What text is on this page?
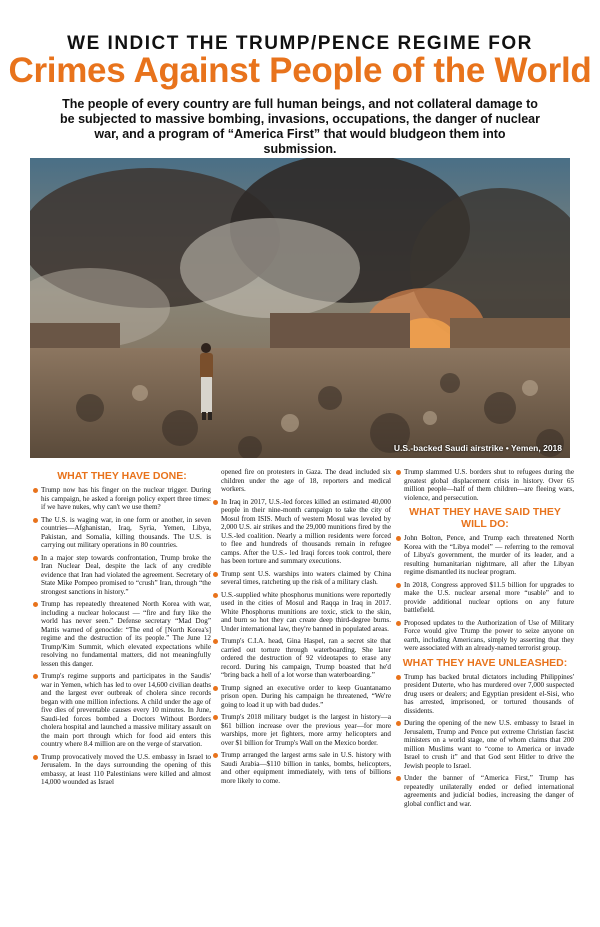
WE INDICT THE TRUMP/PENCE REGIME FOR
Crimes Against People of the World
The people of every country are full human beings, and not collateral damage to be subjected to massive bombing, invasions, occupations, the danger of nuclear war, and a program of “America First” that would bludgeon them into submission.
U.S.-backed Saudi airstrike • Yemen, 2018
WHAT THEY HAVE DONE:
Trump now has his finger on the nuclear trigger. During his campaign, he asked a foreign policy expert three times: if we have nukes, why can't we use them?
The U.S. is waging war, in one form or another, in seven countries—Afghanistan, Iraq, Syria, Yemen, Libya, Pakistan, and Somalia, killing thousands. The U.S. is carrying out military operations in 80 countries.
In a major step towards confrontation, Trump broke the Iran Nuclear Deal, despite the lack of any credible evidence that Iran had violated the agreement. Secretary of State Mike Pompeo promised to “crush” Iran, through “the strongest sanctions in history.”
Trump has repeatedly threatened North Korea with war, including a nuclear holocaust — “fire and fury like the world has never seen.” Defense secretary “Mad Dog” Mattis warned of genocide: “The end of [North Korea's] regime and the destruction of its people.” The June 12 Trump/Kim Summit, which elevated expectations while resolving no fundamental matters, did not meaningfully lessen this danger.
Trump's regime supports and participates in the Saudis' war in Yemen, which has led to over 14,600 civilian deaths and the largest ever outbreak of cholera since records began with one million infections. A child under the age of five dies of preventable causes every 10 minutes. In June, Saudi-led forces bombed a Doctors Without Borders cholera hospital and launched a massive military assault on the main port through which for food aid enters this country where 8.4 million are on the verge of starvation.
Trump provocatively moved the U.S. embassy in Israel to Jerusalem. In the days surrounding the opening of this embassy, at least 110 Palestinians were killed and almost 14,000 wounded as Israel
opened fire on protesters in Gaza. The dead included six children under the age of 18, reporters and medical workers.
In Iraq in 2017, U.S.-led forces killed an estimated 40,000 people in their nine-month campaign to take the city of Mosul from ISIS. Much of western Mosul was leveled by 2,000 U.S. air strikes and the 29,000 munitions fired by the U.S.-led coalition. Nearly a million residents were forced to flee and hundreds of thousands remain in refugee camps. After the U.S.- led Iraqi forces took control, there has been torture and summary executions.
Trump sent U.S. warships into waters claimed by China several times, ratcheting up the risk of a military clash.
U.S.-supplied white phosphorus munitions were reportedly used in the cities of Mosul and Raqqa in Iraq in 2017. White Phosphorus munitions are toxic, stick to the skin, and burn so hot they can create deep third-degree burns. Under international law, they're banned in populated areas.
Trump's C.I.A. head, Gina Haspel, ran a secret site that carried out torture through waterboarding. She later ordered the destruction of 92 videotapes to erase any record. During his campaign, Trump boasted that he'd “bring back a hell of a lot worse than waterboarding.”
Trump signed an executive order to keep Guantanamo prison open. During his campaign he threatened, “We're going to load it up with bad dudes.”
Trump's 2018 military budget is the largest in history—a $61 billion increase over the previous year—for more warships, more jet fighters, more army helicopters and over $1 billion for Trump's Wall on the Mexico border.
Trump arranged the largest arms sale in U.S. history with Saudi Arabia—$110 billion in tanks, bombs, helicopters, and other equipment immediately, with tens of billions more likely to come.
Trump slammed U.S. borders shut to refugees during the greatest global displacement crisis in history. Over 65 million people—half of them children—are fleeing wars, violence, and persecution.
WHAT THEY HAVE SAID THEY WILL DO:
John Bolton, Pence, and Trump each threatened North Korea with the “Libya model” — referring to the removal of Libya's government, the murder of its leader, and a resulting humanitarian nightmare, all after the Libyan regime dismantled its nuclear program.
In 2018, Congress approved $11.5 billion for upgrades to make the U.S. nuclear arsenal more “usable” and to provide additional nuclear options on any future battlefield.
Proposed updates to the Authorization of Use of Military Force would give Trump the power to seize anyone on earth, including Americans, simply by asserting that they were associated with an already-named terrorist group.
WHAT THEY HAVE UNLEASHED:
Trump has backed brutal dictators including Philippines' president Duterte, who has murdered over 7,000 suspected drug users or dealers; and Egyptian president el-Sisi, who has arrested, imprisoned, or tortured thousands of dissidents.
During the opening of the new U.S. embassy to Israel in Jerusalem, Trump and Pence put extreme Christian fascist ministers on a world stage, one of whom claims that 200 million Muslims want to “come to America or invade Israel to crush it” and that God sent Hitler to drive the Jewish people to Israel.
Under the banner of “America First,” Trump has repeatedly unilaterally ended or defied international agreements and judicial bodies, increasing the danger of global conflict and war.
